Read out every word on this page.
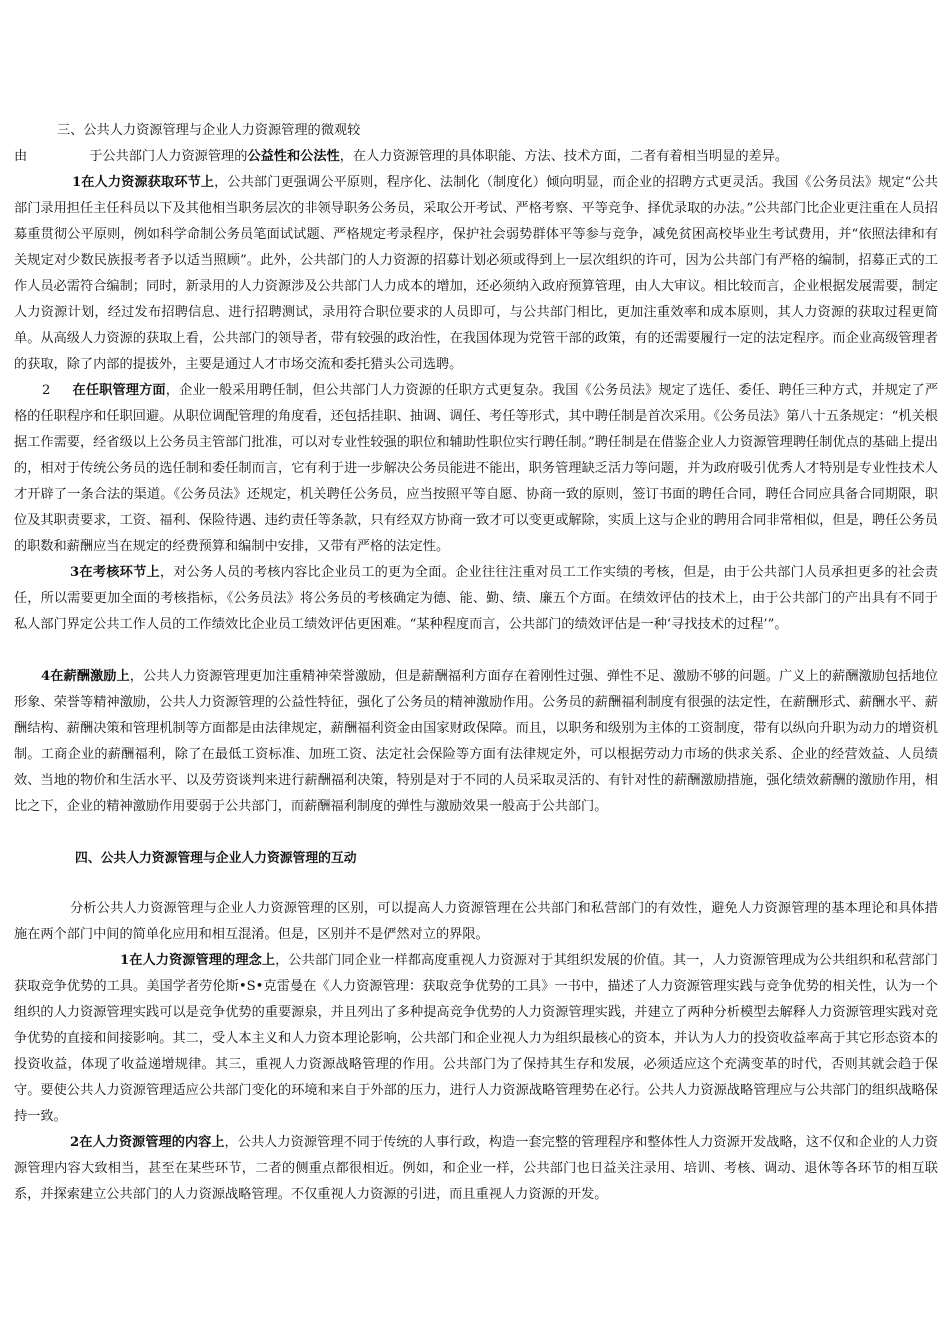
三、公共人力资源管理与企业人力资源管理的微观较

由	于公共部门人力资源管理的公益性和公法性，在人力资源管理的具体职能、方法、技术方面，二者有着相当明显的差异。

1在人力资源获取环节上，公共部门更强调公平原则，程序化、法制化（制度化）倾向明显，而企业的招聘方式更灵活。我国《公务员法》规定“公共部门录用担任主任科员以下及其他相当职务层次的非领导职务公务员，采取公开考试、严格考察、平等竞争、择优录取的办法。”公共部门比企业更注重在人员招募重贯彻公平原则，例如科学命制公务员笔面试试题、严格规定考录程序，保护社会弱势群体平等参与竞争，减免贫困高校毕业生考试费用，并“依照法律和有关规定对少数民族报考者予以适当照顾”。此外，公共部门的人力资源的招募计划必须或得到上一层次组织的许可，因为公共部门有严格的编制，招募正式的工作人员必需符合编制；同时，新录用的人力资源涉及公共部门人力成本的增加，还必须纳入政府预算管理，由人大审议。相比较而言，企业根据发展需要，制定人力资源计划，经过发布招聘信息、进行招聘测试，录用符合职位要求的人员即可，与公共部门相比，更加注重效率和成本原则，其人力资源的获取过程更简单。从高级人力资源的获取上看，公共部门的领导者，带有较强的政治性，在我国体现为党管干部的政策，有的还需要履行一定的法定程序。而企业高级管理者的获取，除了内部的提拔外，主要是通过人才市场交流和委托猎头公司选聘。

2 在任职管理方面，企业一般采用聘任制，但公共部门人力资源的任职方式更复杂。我国《公务员法》规定了选任、委任、聘任三种方式，并规定了严格的任职程序和任职回避。从职位调配管理的角度看，还包括挂职、抽调、调任、考任等形式，其中聘任制是首次采用。《公务员法》第八十五条规定：“机关根据工作需要，经省级以上公务员主管部门批准，可以对专业性较强的职位和辅助性职位实行聘任制。”聘任制是在借鉴企业人力资源管理聘任制优点的基础上提出的，相对于传统公务员的选任制和委任制而言，它有利于进一步解决公务员能进不能出，职务管理缺乏活力等问题，并为政府吸引优秀人才特别是专业性技术人才开辟了一条合法的渠道。《公务员法》还规定，机关聘任公务员，应当按照平等自愿、协商一致的原则，签订书面的聘任合同，聘任合同应具备合同期限，职位及其职责要求，工资、福利、保险待遇、违约责任等条款，只有经双方协商一致才可以变更或解除，实质上这与企业的聘用合同非常相似，但是，聘任公务员的职数和薪酬应当在规定的经费预算和编制中安排，又带有严格的法定性。

3在考核环节上，对公务人员的考核内容比企业员工的更为全面。企业往往注重对员工工作实绩的考核，但是，由于公共部门人员承担更多的社会责任，所以需要更加全面的考核指标，《公务员法》将公务员的考核确定为德、能、勤、绩、廉五个方面。在绩效评估的技术上，由于公共部门的产出具有不同于私人部门界定公共工作人员的工作绩效比企业员工绩效评估更困难。“某种程度而言，公共部门的绩效评估是一种‘寻找技术的过程’”。

4在薪酬激励上，公共人力资源管理更加注重精神荣誉激励，但是薪酬福利方面存在着刚性过强、弹性不足、激励不够的问题。广义上的薪酬激励包括地位形象、荣誉等精神激励，公共人力资源管理的公益性特征，强化了公务员的精神激励作用。公务员的薪酬福利制度有很强的法定性，在薪酬形式、薪酬水平、薪酬结构、薪酬决策和管理机制等方面都是由法律规定，薪酬福利资金由国家财政保障。而且，以职务和级别为主体的工资制度，带有以纵向升职为动力的增资机制。工商企业的薪酬福利，除了在最低工资标准、加班工资、法定社会保险等方面有法律规定外，可以根据劳动力市场的供求关系、企业的经营效益、人员绩效、当地的物价和生活水平、以及劳资谈判来进行薪酬福利决策，特别是对于不同的人员采取灵活的、有针对性的薪酬激励措施，强化绩效薪酬的激励作用，相比之下，企业的精神激励作用要弱于公共部门，而薪酬福利制度的弹性与激励效果一般高于公共部门。

四、公共人力资源管理与企业人力资源管理的互动

分析公共人力资源管理与企业人力资源管理的区别，可以提高人力资源管理在公共部门和私营部门的有效性，避免人力资源管理的基本理论和具体措施在两个部门中间的简单化应用和相互混淆。但是，区别并不是俨然对立的界限。

1在人力资源管理的理念上，公共部门同企业一样都高度重视人力资源对于其组织发展的价值。其一，人力资源管理成为公共组织和私营部门获取竞争优势的工具。美国学者劳伦斯•S•克雷曼在《人力资源管理：获取竞争优势的工具》一书中，描述了人力资源管理实践与竞争优势的相关性，认为一个组织的人力资源管理实践可以是竞争优势的重要源泉，并且列出了多种提高竞争优势的人力资源管理实践，并建立了两种分析模型去解释人力资源管理实践对竞争优势的直接和间接影响。其二，受人本主义和人力资本理论影响，公共部门和企业视人力为组织最核心的资本，并认为人力的投资收益率高于其它形态资本的投资收益，体现了收益递增规律。其三，重视人力资源战略管理的作用。公共部门为了保持其生存和发展，必须适应这个充满变革的时代，否则其就会趋于保守。要使公共人力资源管理适应公共部门变化的环境和来自于外部的压力，进行人力资源战略管理势在必行。公共人力资源战略管理应与公共部门的组织战略保持一致。

2在人力资源管理的内容上，公共人力资源管理不同于传统的人事行政，构造一套完整的管理程序和整体性人力资源开发战略，这不仅和企业的人力资源管理内容大致相当，甚至在某些环节，二者的侧重点都很相近。例如，和企业一样，公共部门也日益关注录用、培训、考核、调动、退休等各环节的相互联系，并探索建立公共部门的人力资源战略管理。不仅重视人力资源的引进，而且重视人力资源的开发。
